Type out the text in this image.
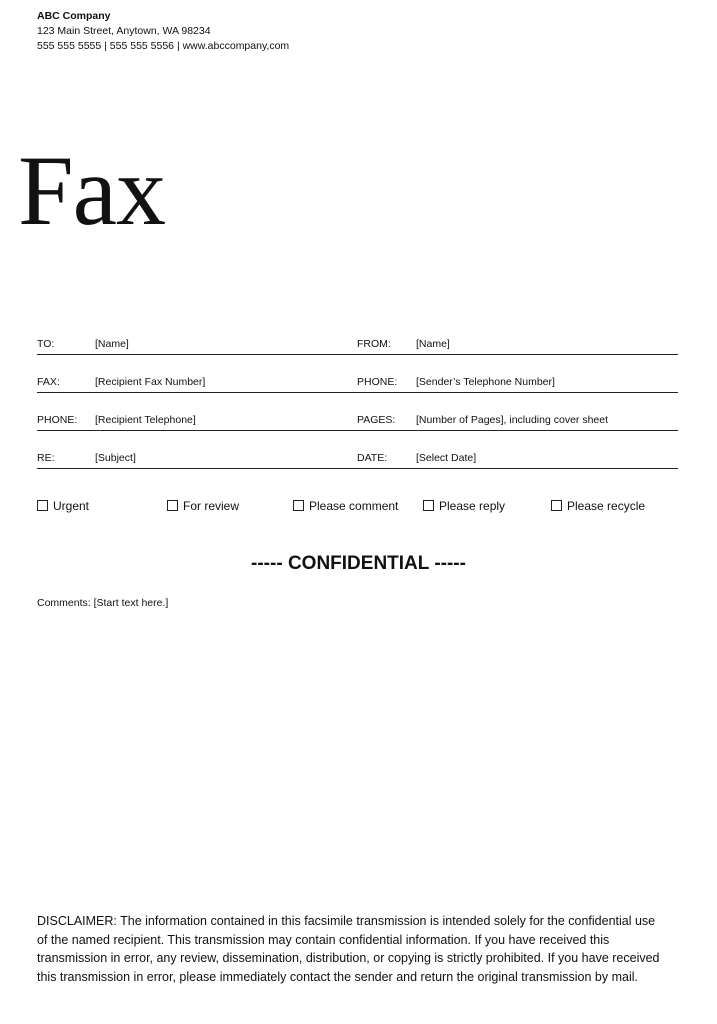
ABC Company
123 Main Street, Anytown, WA 98234
555 555 5555 | 555 555 5556 | www.abccompany,com
Fax
TO:	[Name]	FROM: [Name]
FAX:	[Recipient Fax Number]	PHONE: [Sender’s Telephone Number]
PHONE: [Recipient Telephone]	PAGES: [Number of Pages], including cover sheet
RE:	[Subject]	DATE:	[Select Date]
Urgent	For review	Please comment	Please reply	Please recycle
----- CONFIDENTIAL -----
Comments: [Start text here.]
DISCLAIMER: The information contained in this facsimile transmission is intended solely for the confidential use of the named recipient. This transmission may contain confidential information. If you have received this transmission in error, any review, dissemination, distribution, or copying is strictly prohibited. If you have received this transmission in error, please immediately contact the sender and return the original transmission by mail.
